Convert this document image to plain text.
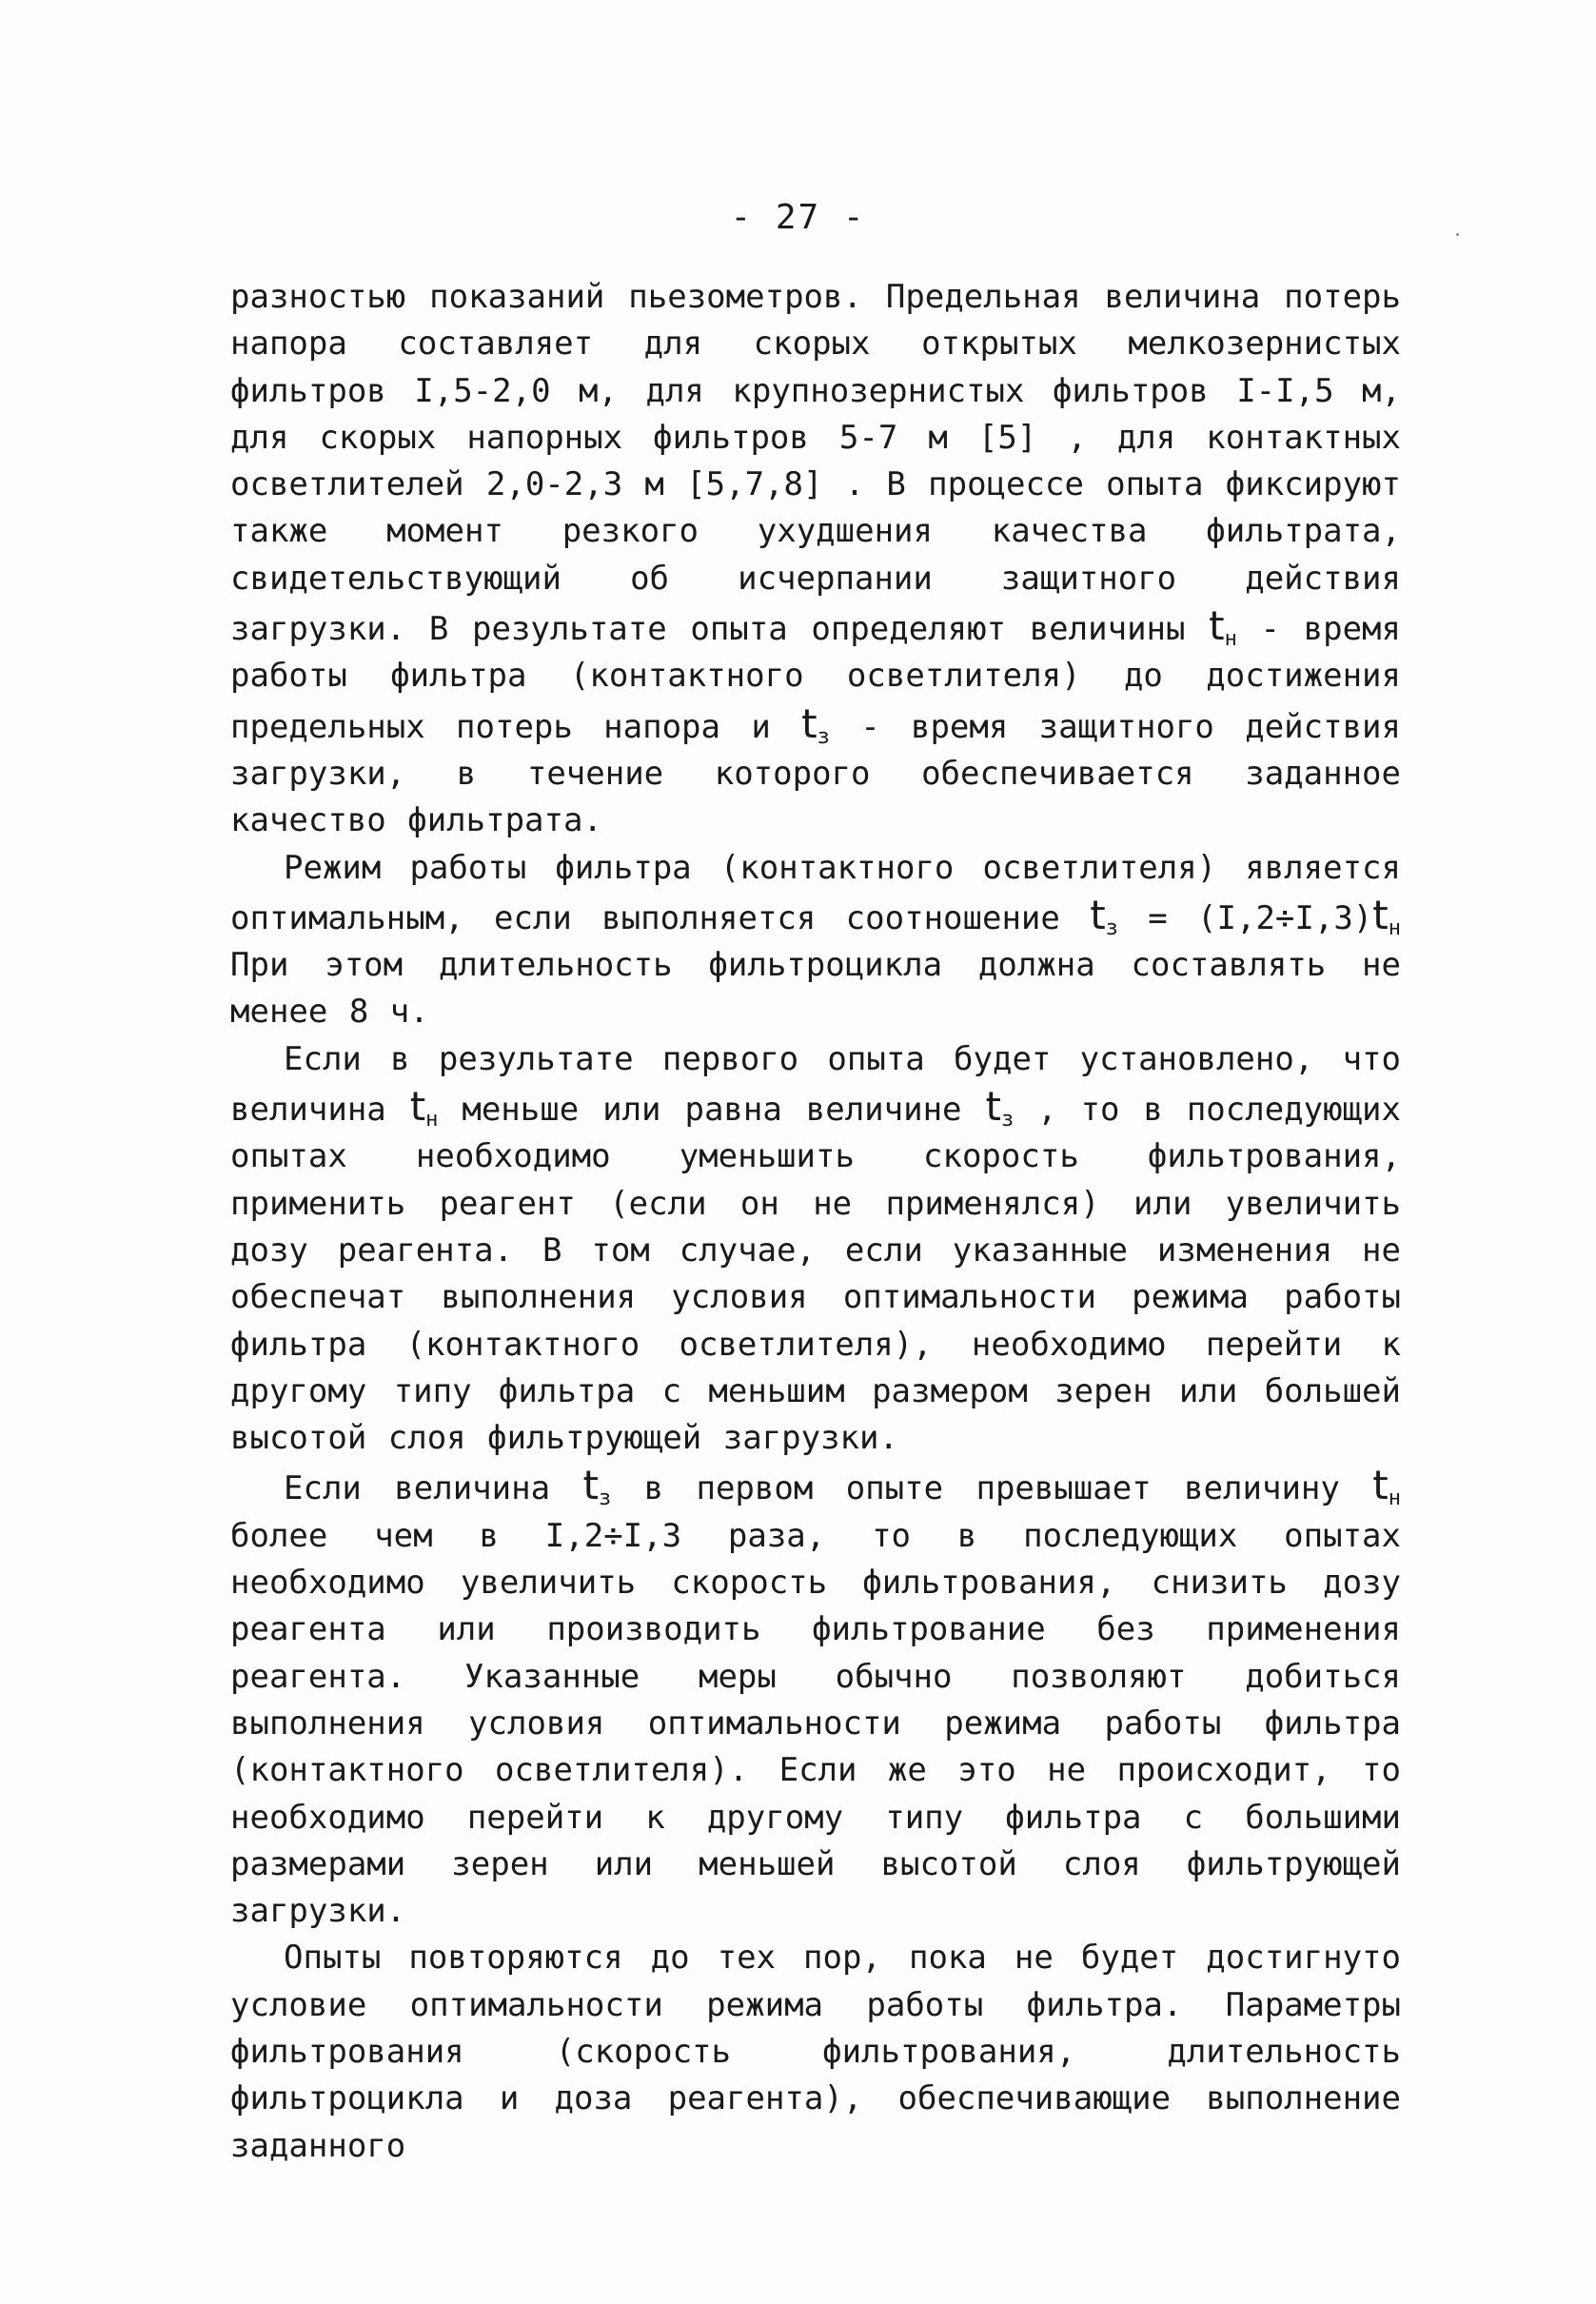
- 27 -

разностью показаний пьезометров. Предельная величина потерь напора составляет для скорых открытых мелкозернистых фильтров I,5-2,0 м, для крупнозернистых фильтров I-I,5 м, для скорых напорных фильтров 5-7 м [5] , для контактных осветлителей 2,0-2,3 м [5,7,8] . В процессе опыта фиксируют также момент резкого ухудшения качества фильтрата, свидетельствующий об исчерпании защитного действия загрузки. В результате опыта определяют величины $t_н$ - время работы фильтра (контактного осветлителя) до достижения предельных потерь напора и $t_з$ - время защитного действия загрузки, в течение которого обеспечивается заданное качество фильтрата.

Режим работы фильтра (контактного осветлителя) является оптимальным, если выполняется соотношение $t_з = (I,2\div I,3)t_н$ При этом длительность фильтроцикла должна составлять не менее 8 ч.

Если в результате первого опыта будет установлено, что величина $t_н$ меньше или равна величине $t_з$ , то в последующих опытах необходимо уменьшить скорость фильтрования, применить реагент (если он не применялся) или увеличить дозу реагента. В том случае, если указанные изменения не обеспечат выполнения условия оптимальности режима работы фильтра (контактного осветлителя), необходимо перейти к другому типу фильтра с меньшим размером зерен или большей высотой слоя фильтрующей загрузки.

Если величина $t_з$ в первом опыте превышает величину $t_н$ более чем в I,2÷I,3 раза, то в последующих опытах необходимо увеличить скорость фильтрования, снизить дозу реагента или производить фильтрование без применения реагента. Указанные меры обычно позволяют добиться выполнения условия оптимальности режима работы фильтра (контактного осветлителя). Если же это не происходит, то необходимо перейти к другому типу фильтра с большими размерами зерен или меньшей высотой слоя фильтрующей загрузки.

Опыты повторяются до тех пор, пока не будет достигнуто условие оптимальности режима работы фильтра. Параметры фильтрования (скорость фильтрования, длительность фильтроцикла и доза реагента), обеспечивающие выполнение заданного
